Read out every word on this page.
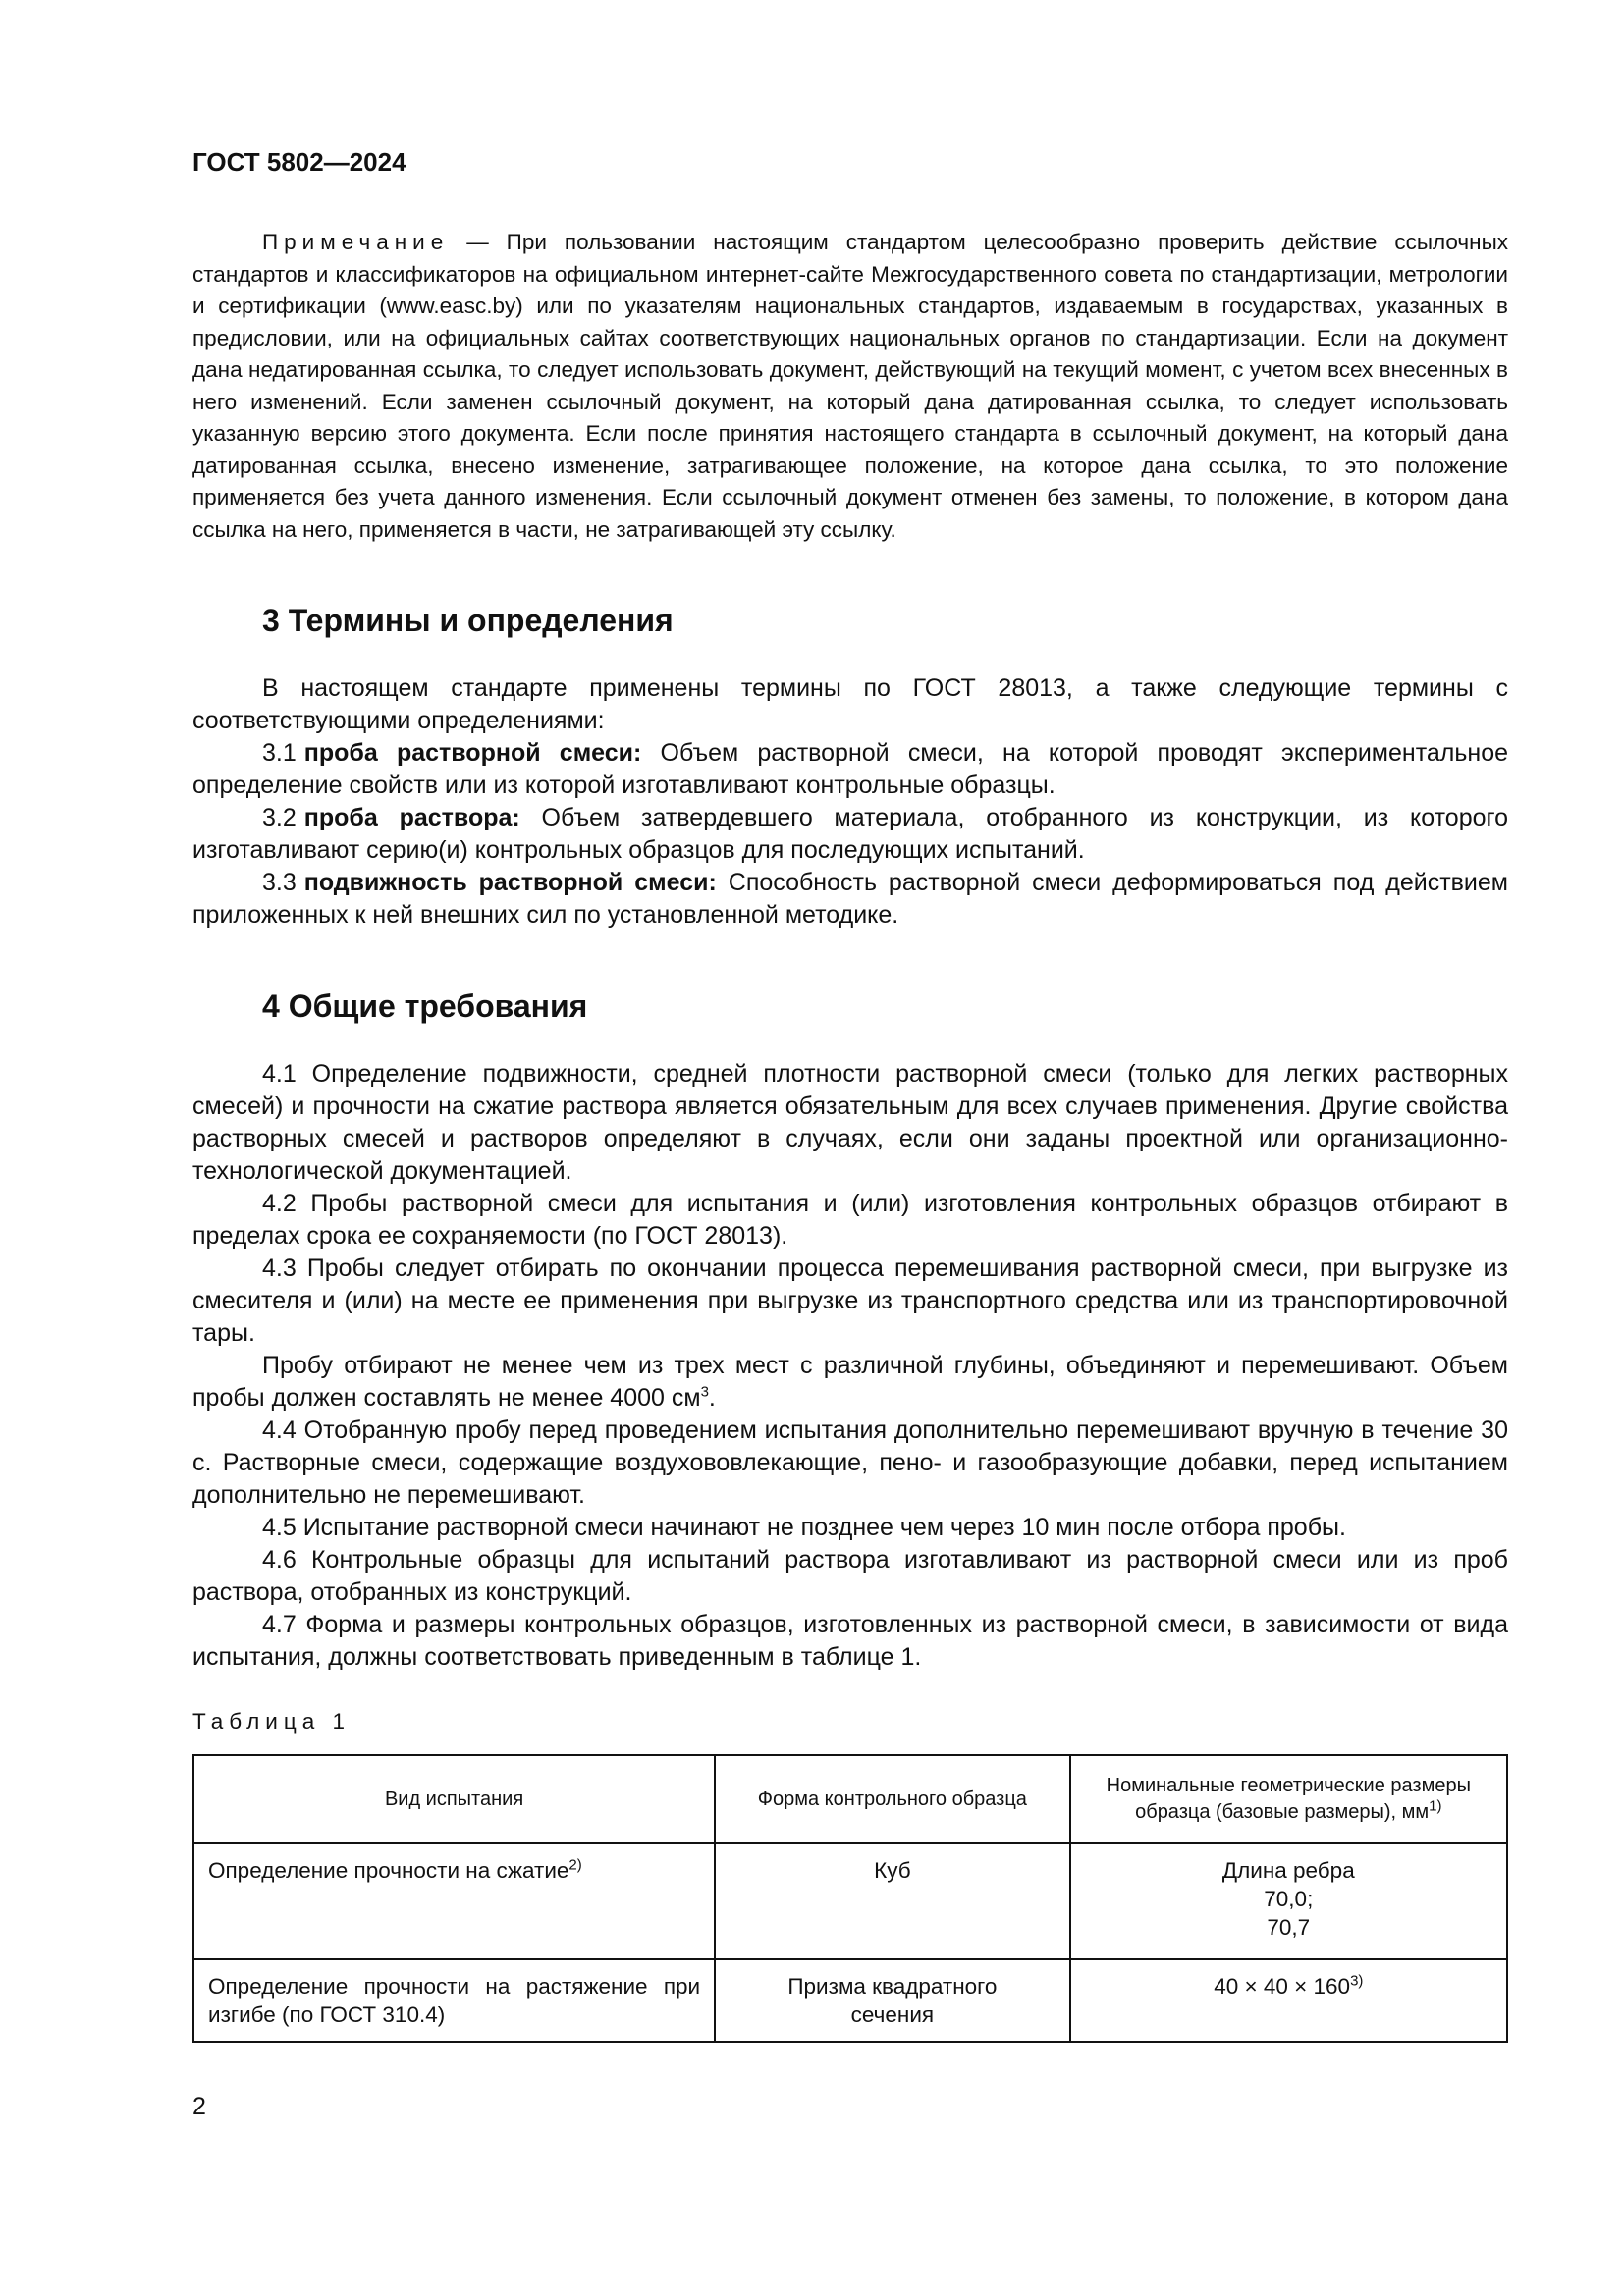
ГОСТ 5802—2024

Примечание — При пользовании настоящим стандартом целесообразно проверить действие ссылочных стандартов и классификаторов на официальном интернет-сайте Межгосударственного совета по стандартизации, метрологии и сертификации (www.easc.by) или по указателям национальных стандартов, издаваемым в государствах, указанных в предисловии, или на официальных сайтах соответствующих национальных органов по стандартизации. Если на документ дана недатированная ссылка, то следует использовать документ, действующий на текущий момент, с учетом всех внесенных в него изменений. Если заменен ссылочный документ, на который дана датированная ссылка, то следует использовать указанную версию этого документа. Если после принятия настоящего стандарта в ссылочный документ, на который дана датированная ссылка, внесено изменение, затрагивающее положение, на которое дана ссылка, то это положение применяется без учета данного изменения. Если ссылочный документ отменен без замены, то положение, в котором дана ссылка на него, применяется в части, не затрагивающей эту ссылку.

3 Термины и определения

В настоящем стандарте применены термины по ГОСТ 28013, а также следующие термины с соответствующими определениями:

3.1 проба растворной смеси: Объем растворной смеси, на которой проводят экспериментальное определение свойств или из которой изготавливают контрольные образцы.

3.2 проба раствора: Объем затвердевшего материала, отобранного из конструкции, из которого изготавливают серию(и) контрольных образцов для последующих испытаний.

3.3 подвижность растворной смеси: Способность растворной смеси деформироваться под действием приложенных к ней внешних сил по установленной методике.

4 Общие требования

4.1 Определение подвижности, средней плотности растворной смеси (только для легких растворных смесей) и прочности на сжатие раствора является обязательным для всех случаев применения. Другие свойства растворных смесей и растворов определяют в случаях, если они заданы проектной или организационно-технологической документацией.

4.2 Пробы растворной смеси для испытания и (или) изготовления контрольных образцов отбирают в пределах срока ее сохраняемости (по ГОСТ 28013).

4.3 Пробы следует отбирать по окончании процесса перемешивания растворной смеси, при выгрузке из смесителя и (или) на месте ее применения при выгрузке из транспортного средства или из транспортировочной тары.

Пробу отбирают не менее чем из трех мест с различной глубины, объединяют и перемешивают. Объем пробы должен составлять не менее 4000 $см^3$.

4.4 Отобранную пробу перед проведением испытания дополнительно перемешивают вручную в течение 30 с. Растворные смеси, содержащие воздухововлекающие, пено- и газообразующие добавки, перед испытанием дополнительно не перемешивают.

4.5 Испытание растворной смеси начинают не позднее чем через 10 мин после отбора пробы.

4.6 Контрольные образцы для испытаний раствора изготавливают из растворной смеси или из проб раствора, отобранных из конструкций.

4.7 Форма и размеры контрольных образцов, изготовленных из растворной смеси, в зависимости от вида испытания, должны соответствовать приведенным в таблице 1.

Таблица 1
Вид испытания	Форма контрольного образца	Номинальные геометрические размеры образца (базовые размеры), $мм^{1)}$
Определение прочности на сжатие$^{2)}$	Куб	Длина ребра
70,0;
70,7

Определение прочности на растяжение при изгибе (по ГОСТ 310.4)	Призма квадратного
сечения	$40 \times 40 \times 160^{3)}$
2
